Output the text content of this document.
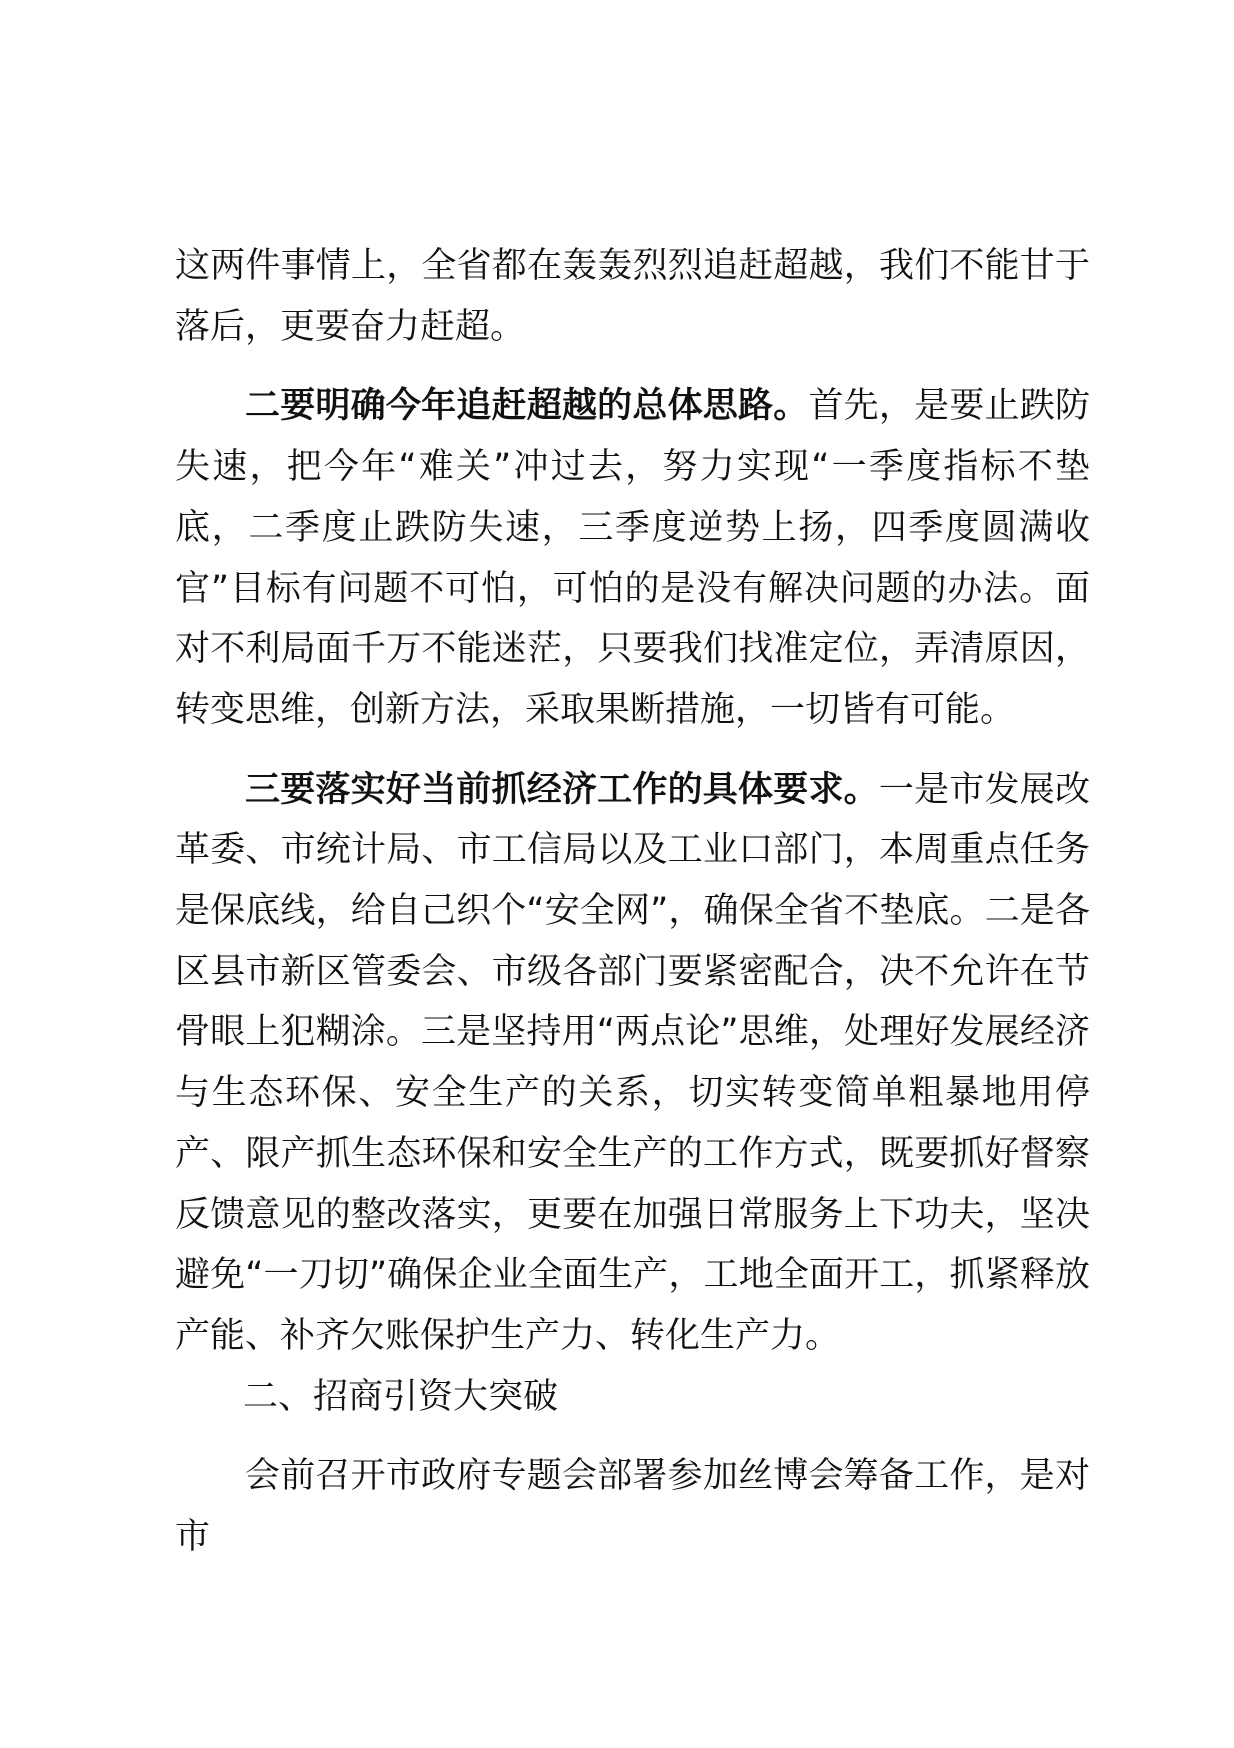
这两件事情上，全省都在轰轰烈烈追赶超越，我们不能甘于落后，更要奋力赶超。

二要明确今年追赶超越的总体思路。首先，是要止跌防失速，把今年“难关”冲过去，努力实现“一季度指标不垫底，二季度止跌防失速，三季度逆势上扬，四季度圆满收官”目标有问题不可怕，可怕的是没有解决问题的办法。面对不利局面千万不能迷茫，只要我们找准定位，弄清原因，转变思维，创新方法，采取果断措施，一切皆有可能。

三要落实好当前抓经济工作的具体要求。一是市发展改革委、市统计局、市工信局以及工业口部门，本周重点任务是保底线，给自己织个“安全网”，确保全省不垫底。二是各区县市新区管委会、市级各部门要紧密配合，决不允许在节骨眼上犯糊涂。三是坚持用“两点论”思维，处理好发展经济与生态环保、安全生产的关系，切实转变简单粗暴地用停产、限产抓生态环保和安全生产的工作方式，既要抓好督察反馈意见的整改落实，更要在加强日常服务上下功夫，坚决避免“一刀切”确保企业全面生产，工地全面开工，抓紧释放产能、补齐欠账保护生产力、转化生产力。

二、招商引资大突破

会前召开市政府专题会部署参加丝博会筹备工作，是对市
